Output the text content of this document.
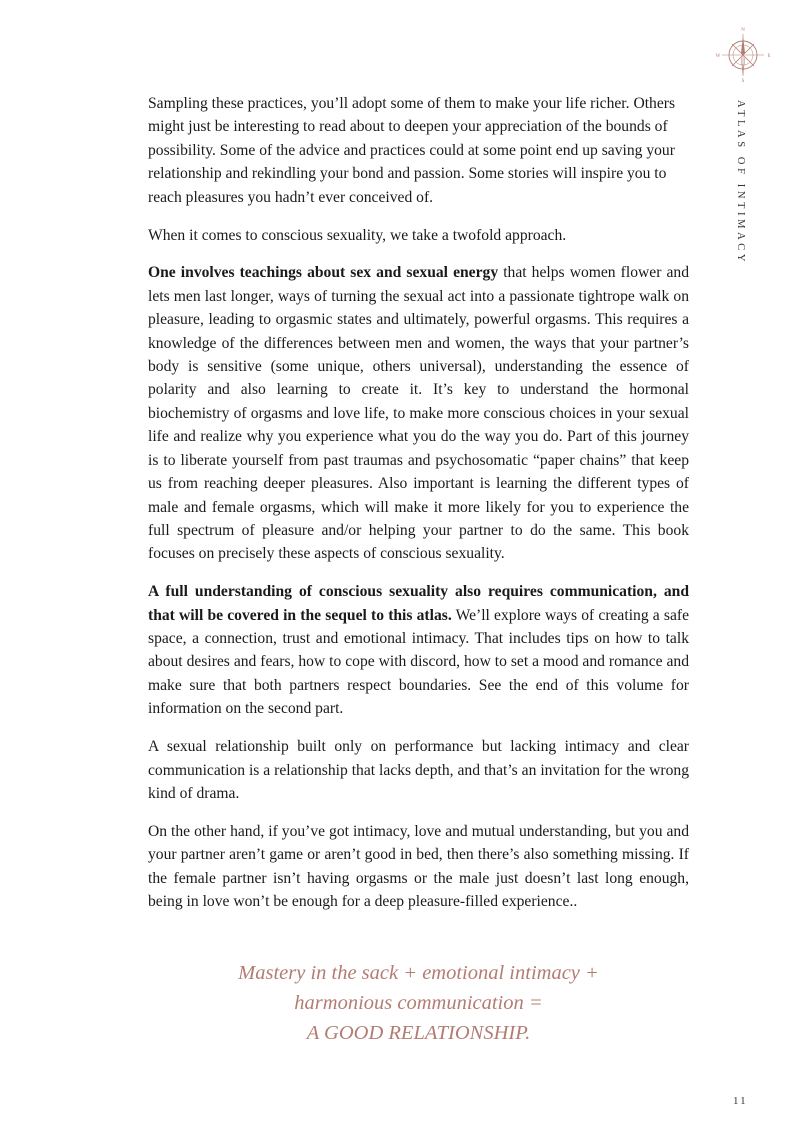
N
S
E
W
ATLAS OF INTIMACY

Sampling these practices, you’ll adopt some of them to make your life richer. Others might just be interesting to read about to deepen your appreciation of the bounds of possibility. Some of the advice and practices could at some point end up saving your relationship and rekindling your bond and passion. Some stories will inspire you to reach pleasures you hadn’t ever conceived of.

When it comes to conscious sexuality, we take a twofold approach.

One involves teachings about sex and sexual energy that helps women flower and lets men last longer, ways of turning the sexual act into a passionate tightrope walk on pleasure, leading to orgasmic states and ultimately, powerful orgasms. This requires a knowledge of the differences between men and women, the ways that your partner’s body is sensitive (some unique, others universal), understanding the essence of polarity and also learning to create it. It’s key to understand the hormonal biochemistry of orgasms and love life, to make more conscious choices in your sexual life and realize why you experience what you do the way you do. Part of this journey is to liberate yourself from past traumas and psychosomatic “paper chains” that keep us from reaching deeper pleasures. Also important is learning the different types of male and female orgasms, which will make it more likely for you to experience the full spectrum of pleasure and/or helping your partner to do the same. This book focuses on precisely these aspects of conscious sexuality.

A full understanding of conscious sexuality also requires communication, and that will be covered in the sequel to this atlas. We’ll explore ways of creating a safe space, a connection, trust and emotional intimacy. That includes tips on how to talk about desires and fears, how to cope with discord, how to set a mood and romance and make sure that both partners respect boundaries. See the end of this volume for information on the second part.

A sexual relationship built only on performance but lacking intimacy and clear communication is a relationship that lacks depth, and that’s an invitation for the wrong kind of drama.

On the other hand, if you’ve got intimacy, love and mutual understanding, but you and your partner aren’t game or aren’t good in bed, then there’s also something missing. If the female partner isn’t having orgasms or the male just doesn’t last long enough, being in love won’t be enough for a deep pleasure-filled experience..

Mastery in the sack + emotional intimacy +
harmonious communication =
A GOOD RELATIONSHIP.
11
